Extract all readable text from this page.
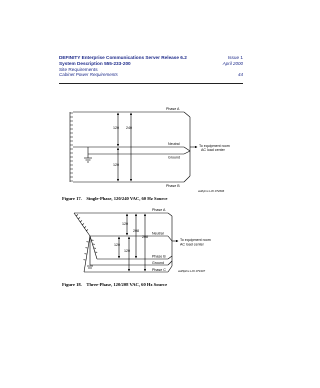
DEFINITY Enterprise Communications Server Release 6.2	Issue 1
System Description 555-233-200	April 2000
Site Requirements
Cabinet Power Requirements	44
Phase A
Neutral
Ground
Phase B
120 240
120
To equipment room
AC load center
wdfvjrno LJK 072696
Phase A
Neutral
Phase B
Ground
Phase C
120
208
208
120
120
To equipment room
AC load center
wdf3phrs LJK 071997
Figure 17. Single-Phase, 120/240 VAC, 60 Hz Source
Figure 18. Three-Phase, 120/208 VAC, 60 Hz Source
